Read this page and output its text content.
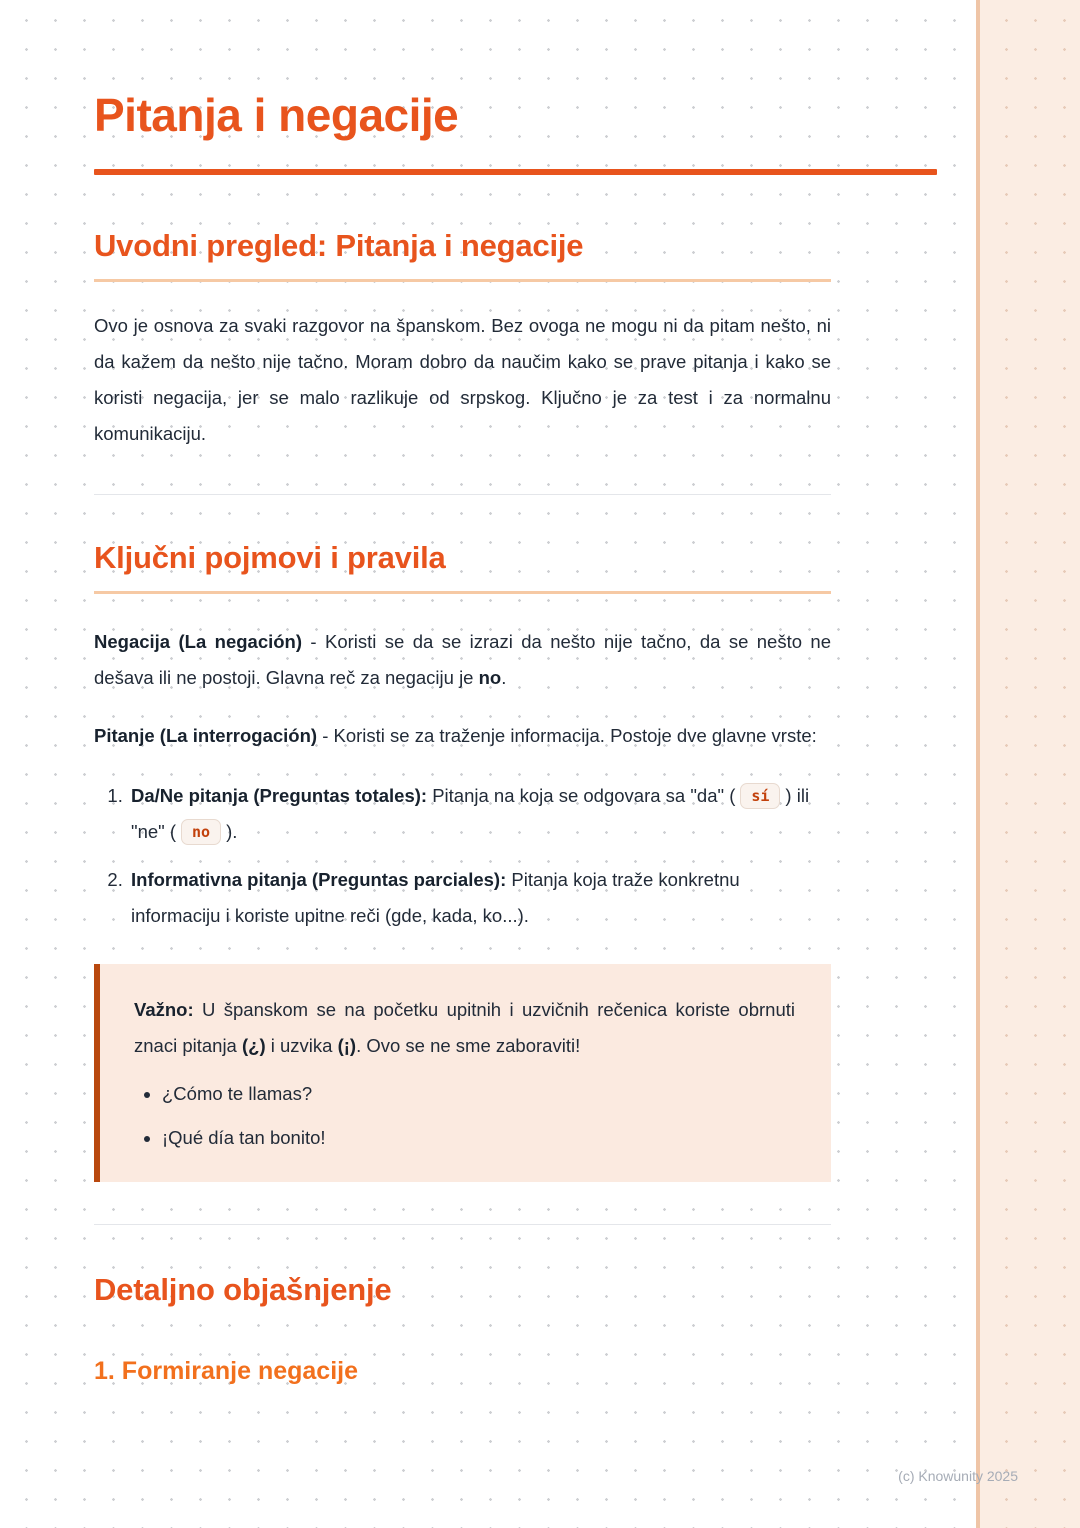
Pitanja i negacije
Uvodni pregled: Pitanja i negacije

Ovo je osnova za svaki razgovor na španskom. Bez ovoga ne mogu ni da pitam nešto, ni da kažem da nešto nije tačno. Moram dobro da naučim kako se prave pitanja i kako se koristi negacija, jer se malo razlikuje od srpskog. Ključno je za test i za normalnu komunikaciju.

Ključni pojmovi i pravila

Negacija (La negación) - Koristi se da se izrazi da nešto nije tačno, da se nešto ne dešava ili ne postoji. Glavna reč za negaciju je no.

Pitanje (La interrogación) - Koristi se za traženje informacija. Postoje dve glavne vrste:

1. Da/Ne pitanja (Preguntas totales): Pitanja na koja se odgovara sa "da" ( sí ) ili "ne" ( no ).
2. Informativna pitanja (Preguntas parciales): Pitanja koja traže konkretnu informaciju i koriste upitne reči (gde, kada, ko...).

Važno: U španskom se na početku upitnih i uzvičnih rečenica koriste obrnuti znaci pitanja (¿) i uzvika (¡). Ovo se ne sme zaboraviti!

• ¿Cómo te llamas?
• ¡Qué día tan bonito!
Detaljno objašnjenje
1. Formiranje negacije
(c) Knowunity 2025
